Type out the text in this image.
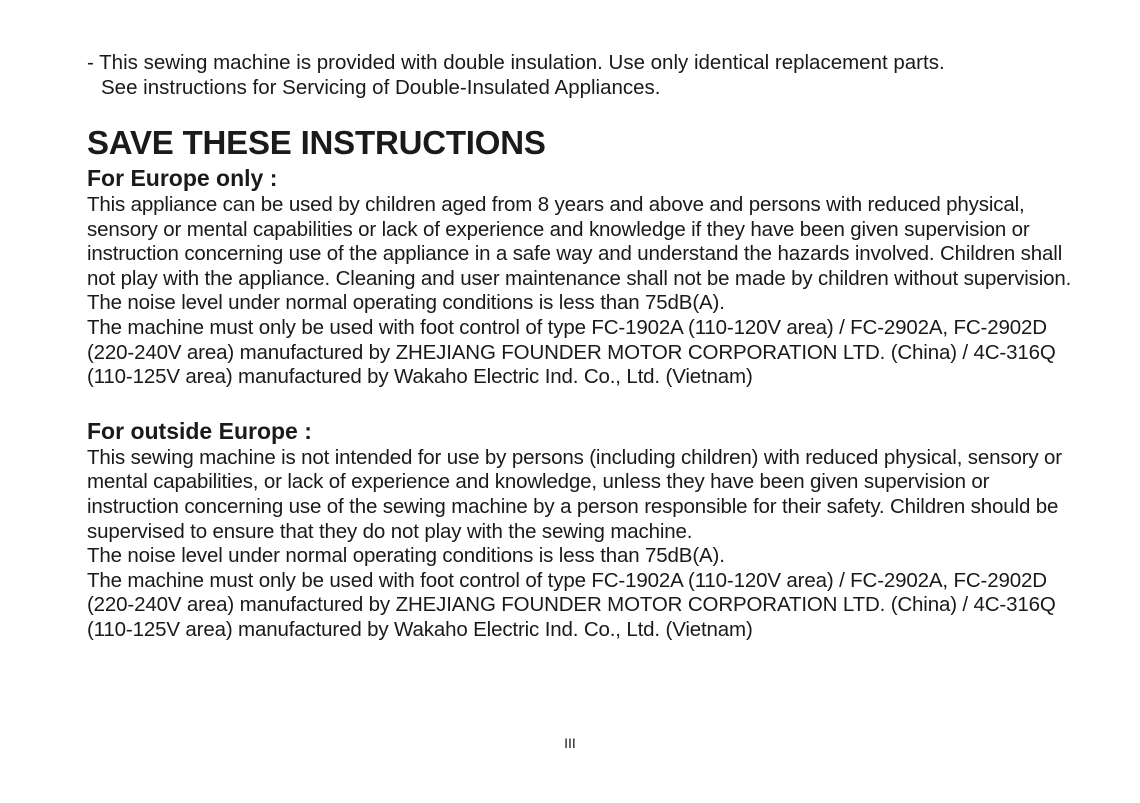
- This sewing machine is provided with double insulation. Use only identical replacement parts.
See instructions for Servicing of Double-Insulated Appliances.

SAVE THESE INSTRUCTIONS
For Europe only :

This appliance can be used by children aged from 8 years and above and persons with reduced physical, sensory or mental capabilities or lack of experience and knowledge if they have been given supervision or instruction concerning use of the appliance in a safe way and understand the hazards involved. Children shall not play with the appliance. Cleaning and user maintenance shall not be made by children without supervision.

The noise level under normal operating conditions is less than 75dB(A).

The machine must only be used with foot control of type FC-1902A (110-120V area) / FC-2902A, FC-2902D (220-240V area) manufactured by ZHEJIANG FOUNDER MOTOR CORPORATION LTD. (China) / 4C-316Q (110-125V area) manufactured by Wakaho Electric Ind. Co., Ltd. (Vietnam)

For outside Europe :

This sewing machine is not intended for use by persons (including children) with reduced physical, sensory or mental capabilities, or lack of experience and knowledge, unless they have been given supervision or instruction concerning use of the sewing machine by a person responsible for their safety. Children should be supervised to ensure that they do not play with the sewing machine.

The noise level under normal operating conditions is less than 75dB(A).

The machine must only be used with foot control of type FC-1902A (110-120V area) / FC-2902A, FC-2902D (220-240V area) manufactured by ZHEJIANG FOUNDER MOTOR CORPORATION LTD. (China) / 4C-316Q (110-125V area) manufactured by Wakaho Electric Ind. Co., Ltd. (Vietnam)

III
